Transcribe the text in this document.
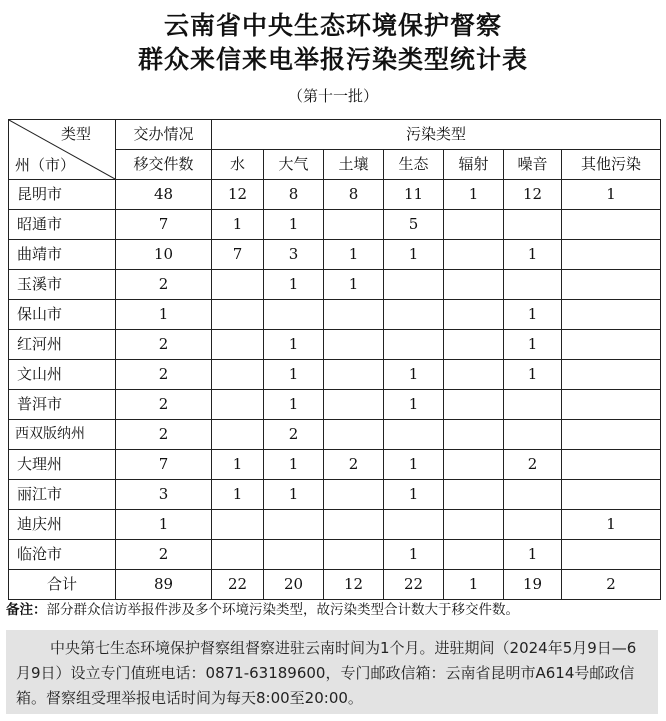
云南省中央生态环境保护督察
群众来信来电举报污染类型统计表
（第十一批）
类型
州（市）	交办情况	污染类型						
	移交件数	水	大气	土壤	生态	辐射	噪音	其他污染
昆明市	48	12	8	8	11	1	12	1
昭通市	7	1	1		5			
曲靖市	10	7	3	1	1		1	
玉溪市	2		1	1				
保山市	1						1	
红河州	2		1				1	
文山州	2		1		1		1	
普洱市	2		1		1			
西双版纳州	2		2					
大理州	7	1	1	2	1		2	
丽江市	3	1	1		1			
迪庆州	1							1
临沧市	2				1		1	
合计	89	22	20	12	22	1	19	2
备注：部分群众信访举报件涉及多个环境污染类型，故污染类型合计数大于移交件数。
中央第七生态环境保护督察组督察进驻云南时间为1个月。进驻期间（2024年5月9日—6月9日）设立专门值班电话：0871-63189600，专门邮政信箱：云南省昆明市A614号邮政信箱。督察组受理举报电话时间为每天8:00至20:00。
